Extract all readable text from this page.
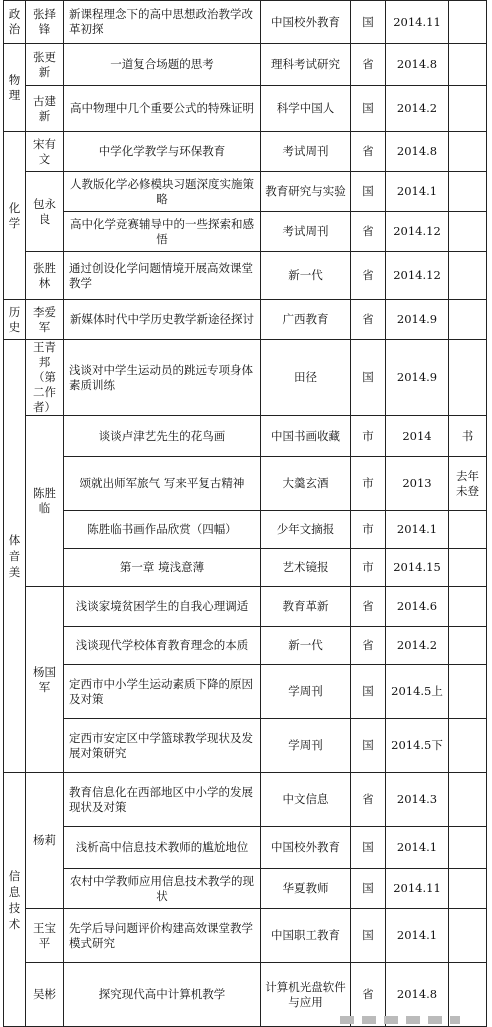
政治	张择锋	新课程理念下的高中思想政治教学改革初探	中国校外教育	国	2014.11	
物理	张更新	一道复合场题的思考	理科考试研究	省	2014.8	
	古建新	高中物理中几个重要公式的特殊证明	科学中国人	国	2014.2	
化学	宋有文	中学化学教学与环保教育	考试周刊	省	2014.8	
	包永良	人教版化学必修模块习题深度实施策略	教育研究与实验	国	2014.1	
		高中化学竞赛辅导中的一些探索和感悟	考试周刊	省	2014.12	
	张胜林	通过创设化学问题情境开展高效课堂教学	新一代	省	2014.12	
历史	李爱军	新媒体时代中学历史教学新途径探讨	广西教育	省	2014.9	

体音美	王青邦（第二作者）	浅谈对中学生运动员的跳远专项身体素质训练	田径	国	2014.9	
	陈胜临	谈谈卢津艺先生的花鸟画	中国书画收藏	市	2014	书
		颂就出师军旅气 写来平复古精神	大羹玄酒	市	2013	去年未登
		陈胜临书画作品欣赏（四幅）	少年文摘报	市	2014.1	
		第一章 境浅意薄	艺术镜报	市	2014.15	
	杨国军	浅谈家境贫困学生的自我心理调适	教育革新	省	2014.6	
		浅谈现代学校体育教育理念的本质	新一代	省	2014.2	
		定西市中小学生运动素质下降的原因及对策	学周刊	国	2014.5上	
		定西市安定区中学篮球教学现状及发展对策研究	学周刊	国	2014.5下	

信息技术	杨莉	教育信息化在西部地区中小学的发展现状及对策	中文信息	省	2014.3	
		浅析高中信息技术教师的尴尬地位	中国校外教育	国	2014.1	
		农村中学教师应用信息技术教学的现状	华夏教师	国	2014.11	
	王宝平	先学后导问题评价构建高效课堂教学模式研究	中国职工教育	国	2014.1	
	吴彬	探究现代高中计算机教学	计算机光盘软件与应用	省	2014.8	
